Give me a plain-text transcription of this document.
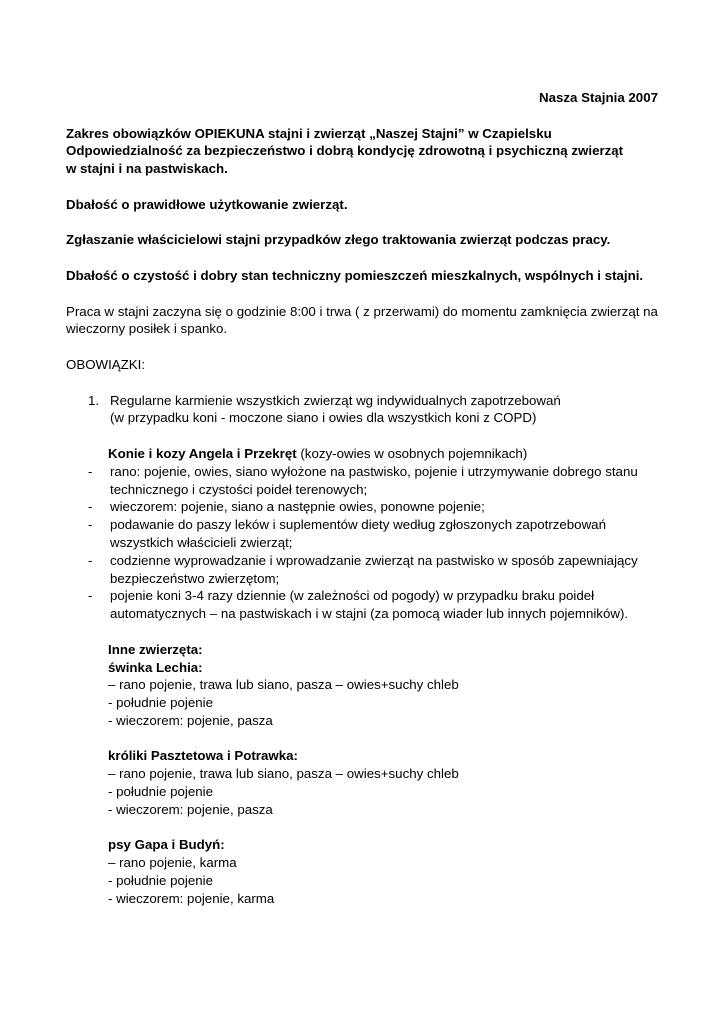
Nasza Stajnia 2007
Zakres obowiązków OPIEKUNA stajni i zwierząt „Naszej Stajni” w Czapielsku
Odpowiedzialność za bezpieczeństwo i dobrą kondycję zdrowotną i psychiczną zwierząt
w stajni i na pastwiskach.
Dbałość o prawidłowe użytkowanie zwierząt.
Zgłaszanie właścicielowi stajni przypadków złego traktowania zwierząt podczas pracy.
Dbałość o czystość i dobry stan techniczny pomieszczeń mieszkalnych, wspólnych i stajni.
Praca w stajni zaczyna się o godzinie 8:00 i trwa ( z przerwami) do momentu zamknięcia zwierząt na
wieczorny posiłek i spanko.
OBOWIĄZKI:
1. Regularne karmienie wszystkich zwierząt wg indywidualnych zapotrzebowań
(w przypadku koni - moczone siano i owies dla wszystkich koni z COPD)
Konie i kozy Angela i Przekręt (kozy-owies w osobnych pojemnikach)
- rano: pojenie, owies, siano wyłożone na pastwisko, pojenie i utrzymywanie dobrego stanu
technicznego i czystości poideł terenowych;
- wieczorem: pojenie, siano a następnie owies, ponowne pojenie;
- podawanie do paszy leków i suplementów diety według zgłoszonych zapotrzebowań
wszystkich właścicieli zwierząt;
- codzienne wyprowadzanie i wprowadzanie zwierząt na pastwisko w sposób zapewniający
bezpieczeństwo zwierzętom;
- pojenie koni 3-4 razy dziennie (w zależności od pogody) w przypadku braku poideł
automatycznych – na pastwiskach i w stajni (za pomocą wiader lub innych pojemników).
Inne zwierzęta:
świnka Lechia:
– rano pojenie, trawa lub siano, pasza – owies+suchy chleb
- południe pojenie
- wieczorem: pojenie, pasza
króliki Pasztetowa i Potrawka:
– rano pojenie, trawa lub siano, pasza – owies+suchy chleb
- południe pojenie
- wieczorem: pojenie, pasza
psy Gapa i Budyń:
– rano pojenie, karma
- południe pojenie
- wieczorem: pojenie, karma
